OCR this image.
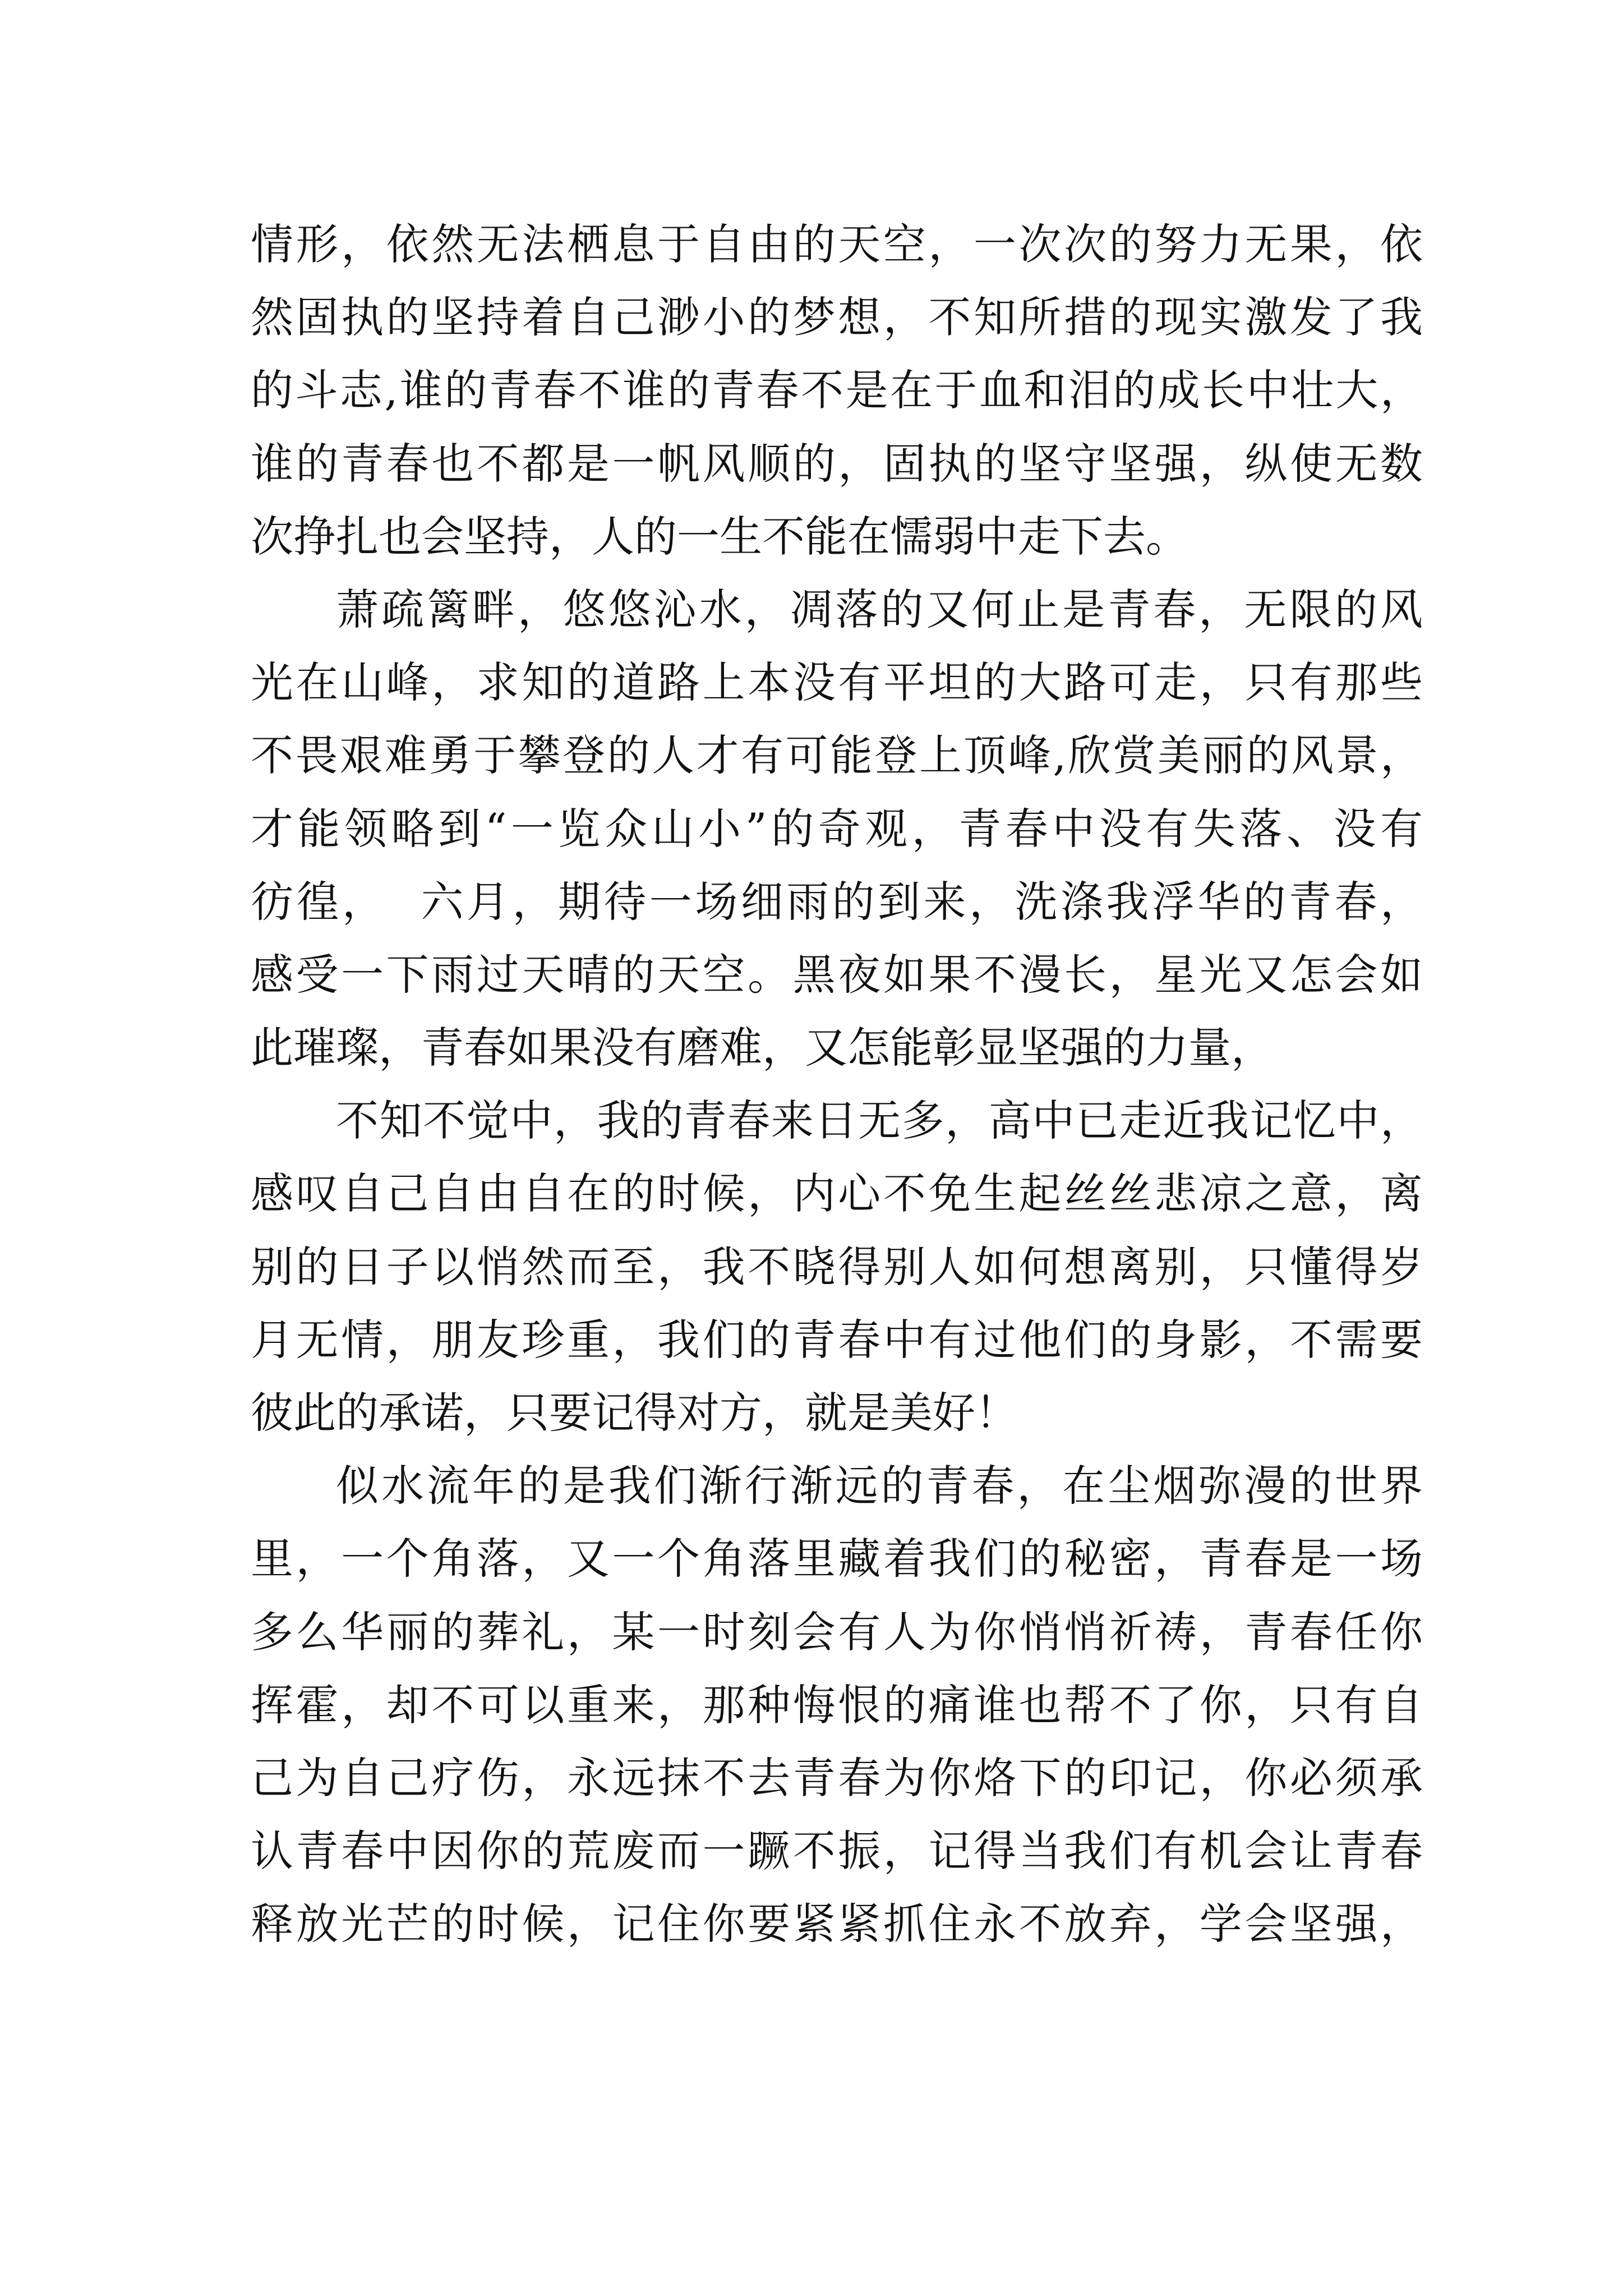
情形，依然无法栖息于自由的天空，一次次的努力无果，依
然固执的坚持着自己渺小的梦想，不知所措的现实激发了我
的斗志,谁的青春不谁的青春不是在于血和泪的成长中壮大，
谁的青春也不都是一帆风顺的，固执的坚守坚强，纵使无数
次挣扎也会坚持，人的一生不能在懦弱中走下去。
萧疏篱畔，悠悠沁水，凋落的又何止是青春，无限的风
光在山峰，求知的道路上本没有平坦的大路可走，只有那些
不畏艰难勇于攀登的人才有可能登上顶峰,欣赏美丽的风景，
才能领略到“一览众山小”的奇观，青春中没有失落、没有
彷徨，  六月，期待一场细雨的到来，洗涤我浮华的青春，
感受一下雨过天晴的天空。黑夜如果不漫长，星光又怎会如
此璀璨，青春如果没有磨难，又怎能彰显坚强的力量，
不知不觉中，我的青春来日无多，高中已走近我记忆中，
感叹自己自由自在的时候，内心不免生起丝丝悲凉之意，离
别的日子以悄然而至，我不晓得别人如何想离别，只懂得岁
月无情，朋友珍重，我们的青春中有过他们的身影，不需要
彼此的承诺，只要记得对方，就是美好！
似水流年的是我们渐行渐远的青春，在尘烟弥漫的世界
里，一个角落，又一个角落里藏着我们的秘密，青春是一场
多么华丽的葬礼，某一时刻会有人为你悄悄祈祷，青春任你
挥霍，却不可以重来，那种悔恨的痛谁也帮不了你，只有自
己为自己疗伤，永远抹不去青春为你烙下的印记，你必须承
认青春中因你的荒废而一蹶不振，记得当我们有机会让青春
释放光芒的时候，记住你要紧紧抓住永不放弃，学会坚强，
